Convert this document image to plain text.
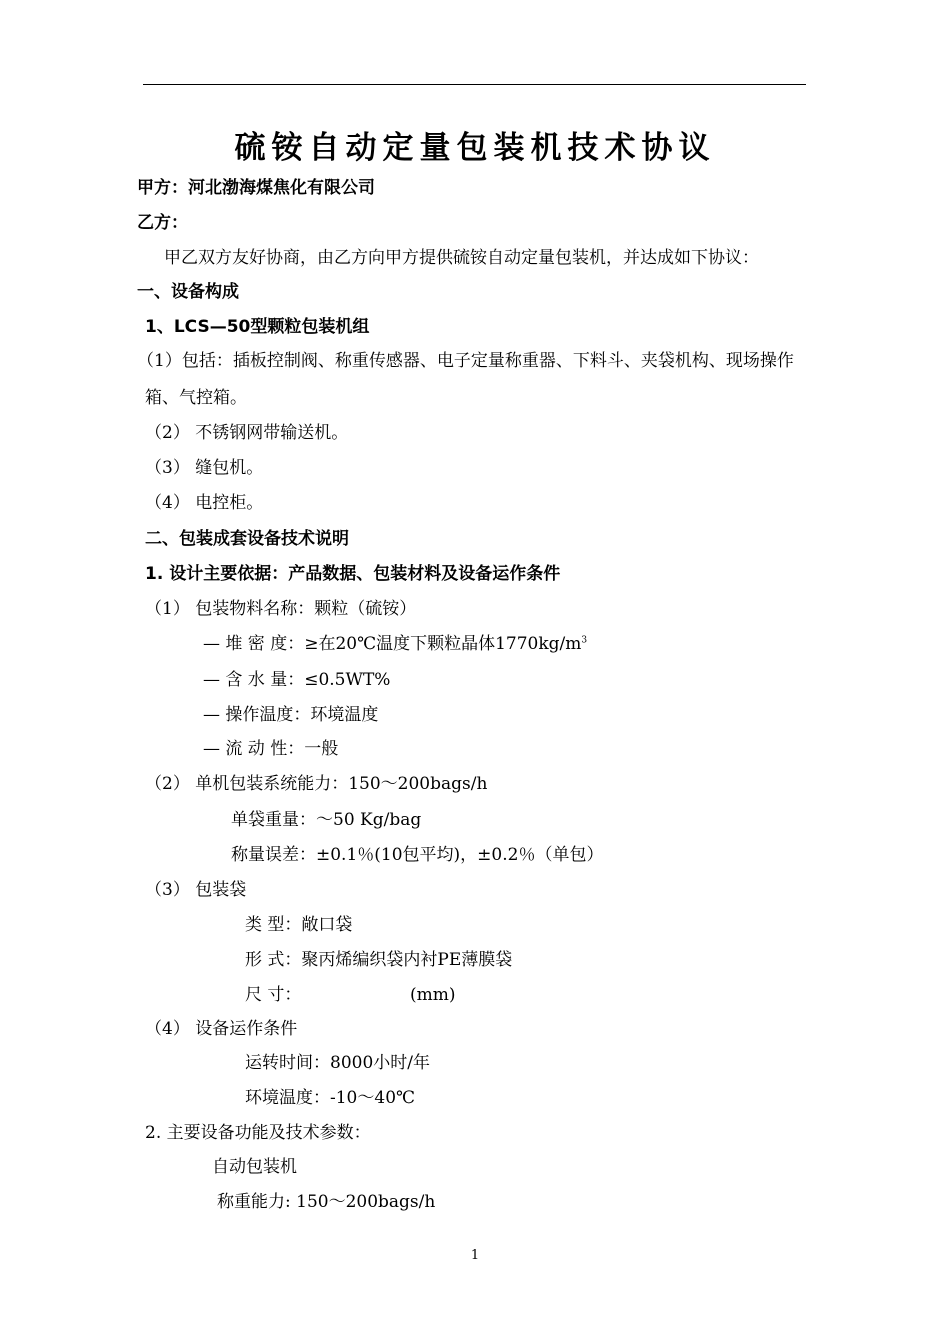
硫铵自动定量包装机技术协议
甲方：河北渤海煤焦化有限公司
乙方：
甲乙双方友好协商，由乙方向甲方提供硫铵自动定量包装机，并达成如下协议：
一、设备构成
1、LCS—50型颗粒包装机组
（1）包括：插板控制阀、称重传感器、电子定量称重器、下料斗、夹袋机构、现场操作
箱、气控箱。
（2） 不锈钢网带输送机。
（3） 缝包机。
（4） 电控柜。
二、包装成套设备技术说明
1. 设计主要依据：产品数据、包装材料及设备运作条件
（1） 包装物料名称：颗粒（硫铵）
— 堆 密 度：≥在20℃温度下颗粒晶体$1770kg/m^3$
— 含 水 量：≤0.5WT%
— 操作温度：环境温度
— 流 动 性：一般
（2） 单机包装系统能力：150～200bags/h
单袋重量：～50 Kg/bag
称量误差：±0.1％(10包平均)，±0.2％（单包）
（3） 包装袋
类 型：敞口袋
形 式：聚丙烯编织袋内衬PE薄膜袋
尺 寸：	(mm)
（4） 设备运作条件
运转时间：8000小时/年
环境温度：-10～40℃
2. 主要设备功能及技术参数：
自动包装机
称重能力: 150～200bags/h
1
